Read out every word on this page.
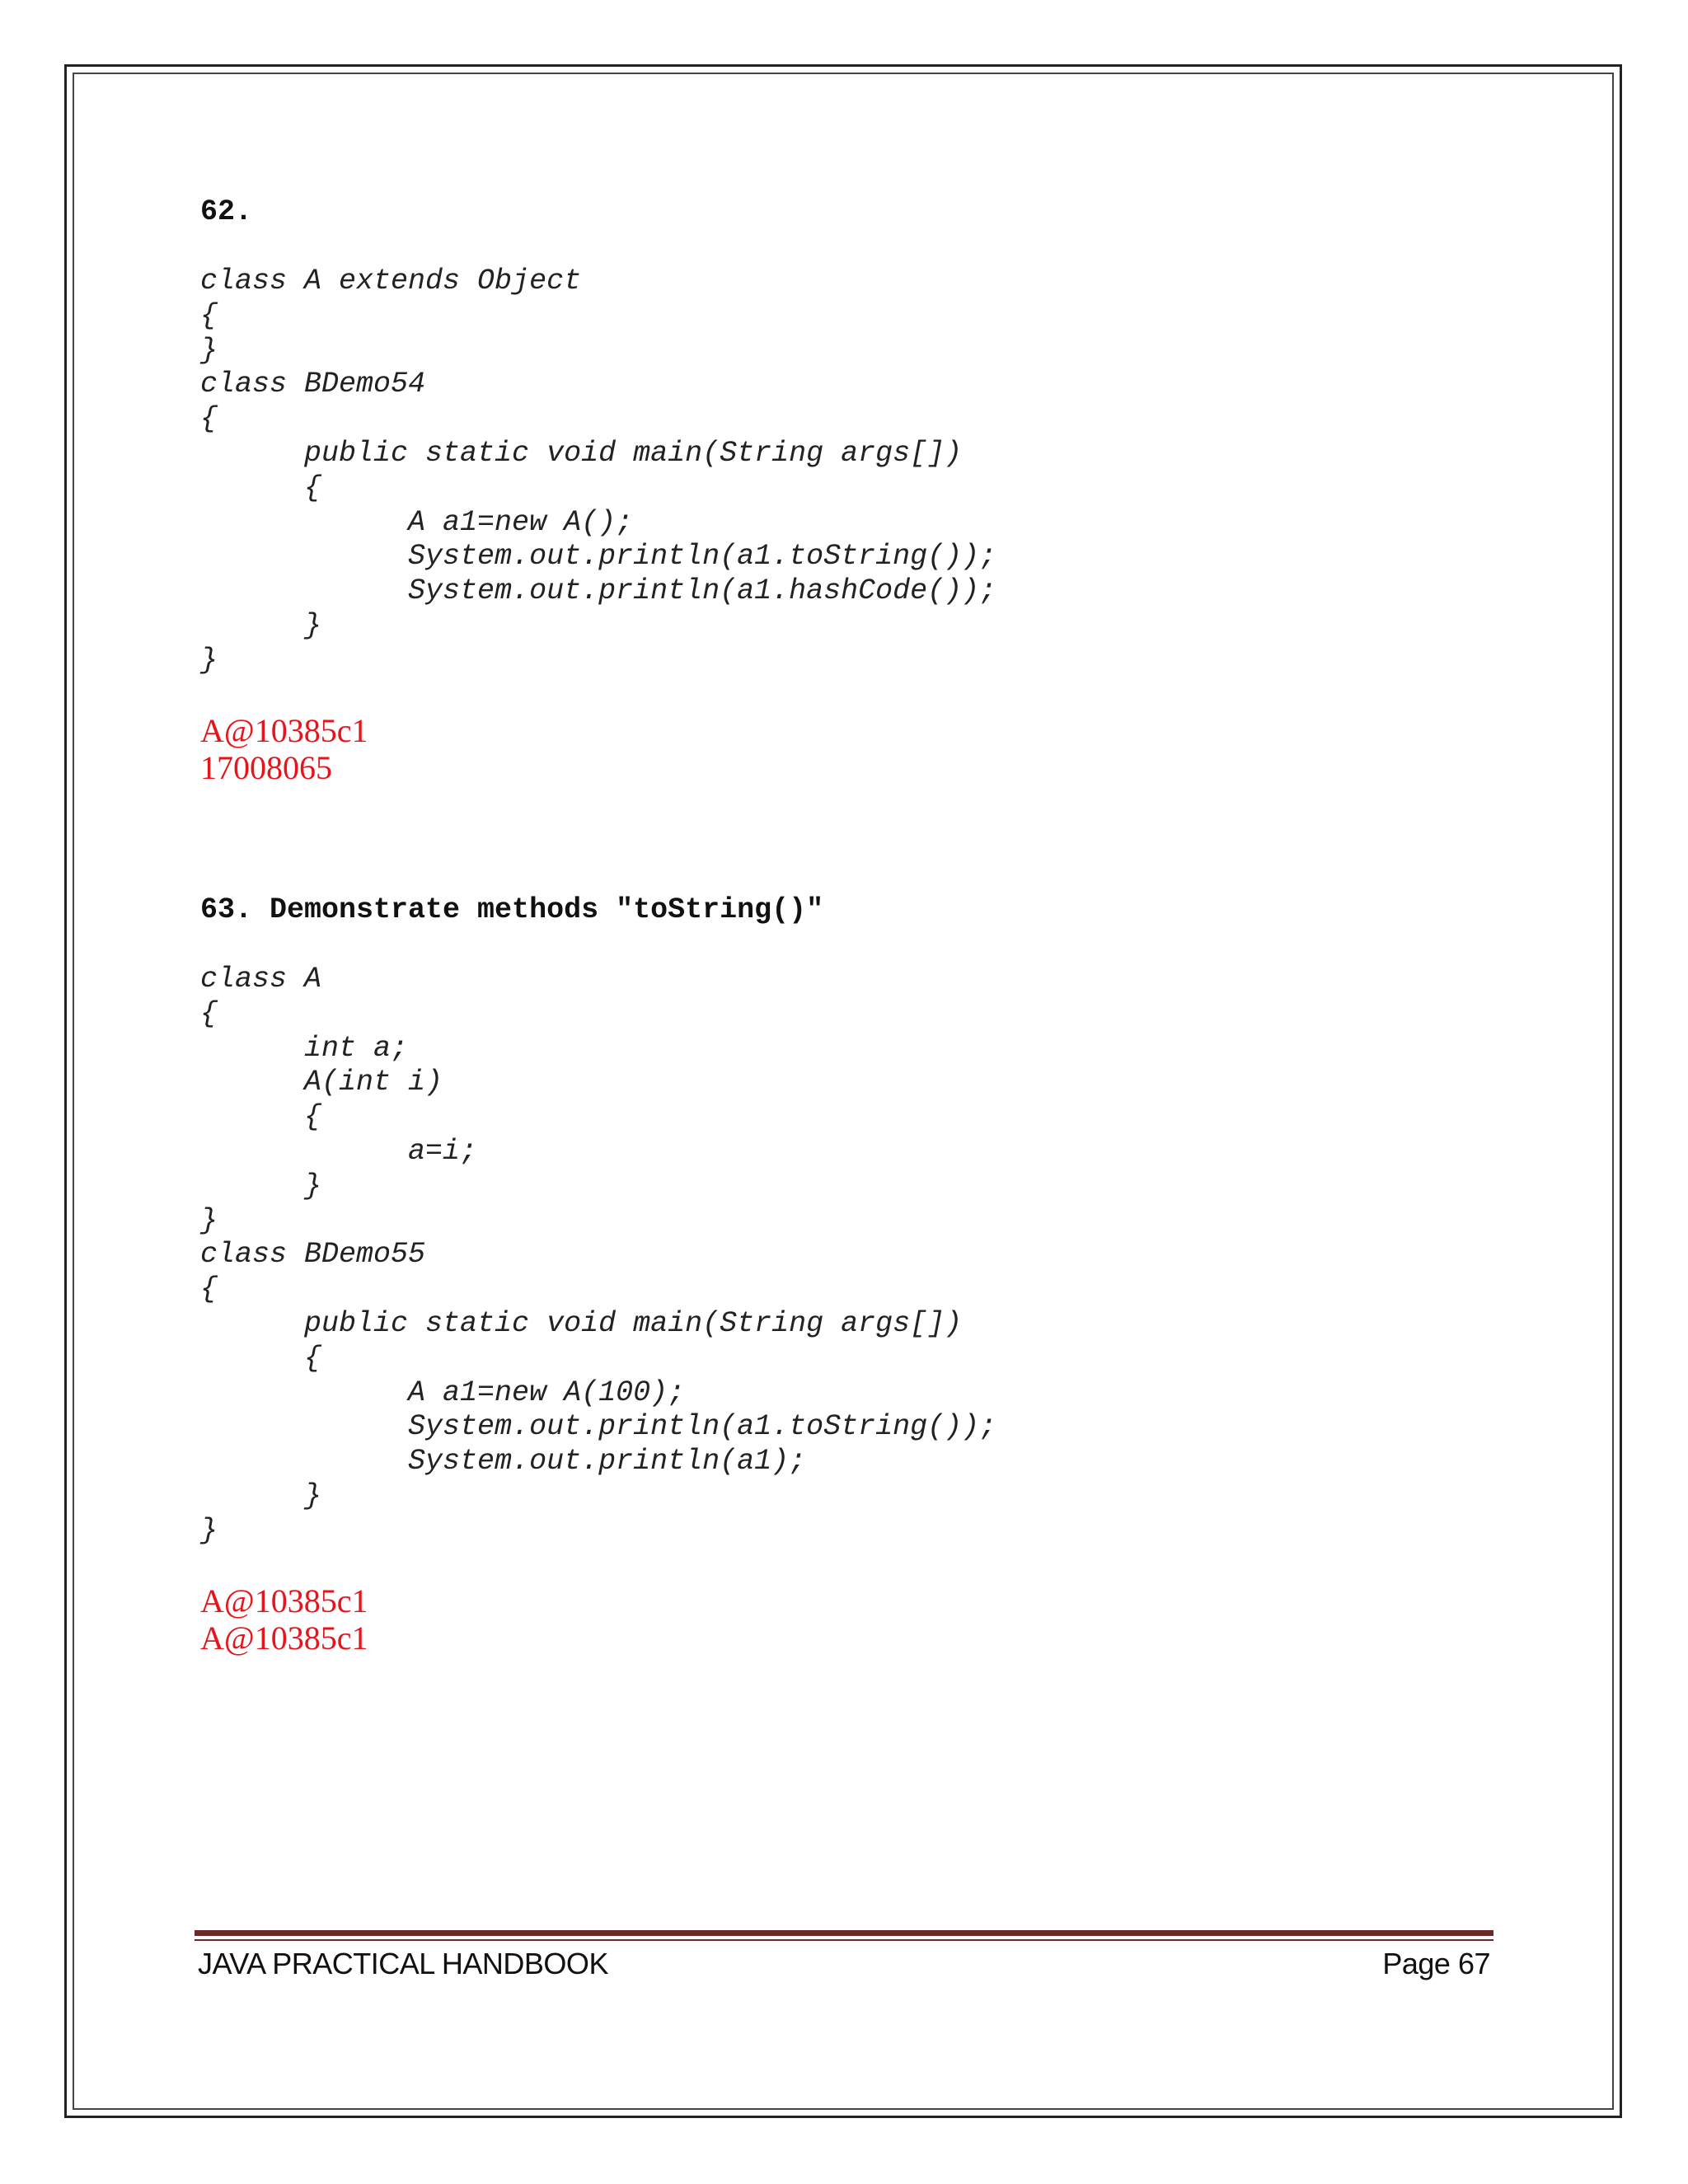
62.

class A extends Object
{
}
class BDemo54
{
public static void main(String args[])
{
A a1=new A();
System.out.println(a1.toString());
System.out.println(a1.hashCode());
}
}

A@10385c1

17008065

63. Demonstrate methods "toString()"

class A
{
int a;
A(int i)
{
a=i;
}
}
class BDemo55
{
public static void main(String args[])
{
A a1=new A(100);
System.out.println(a1.toString());
System.out.println(a1);
}
}

A@10385c1

A@10385c1

JAVA PRACTICAL HANDBOOK	Page 67
